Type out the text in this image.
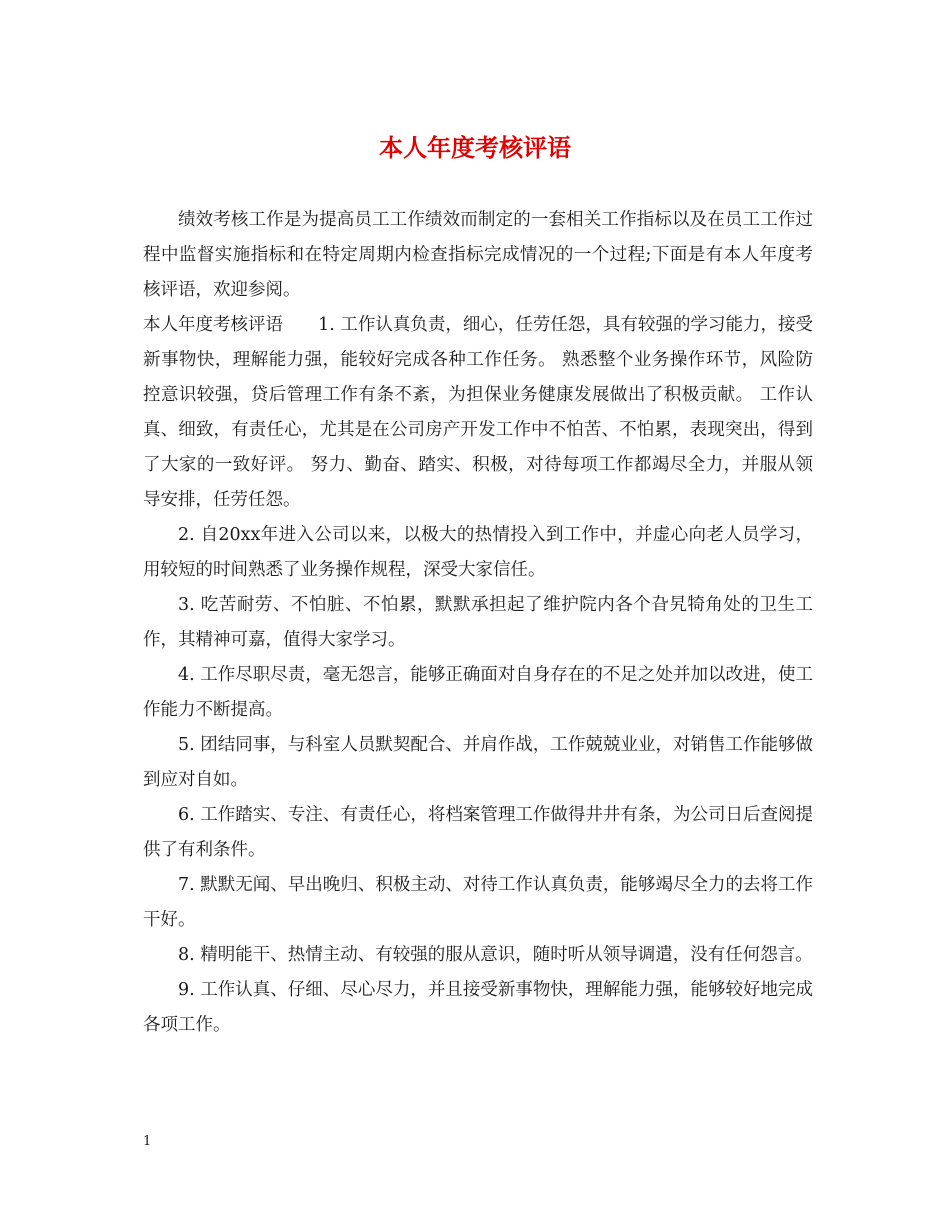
本人年度考核评语

绩效考核工作是为提高员工工作绩效而制定的一套相关工作指标以及在员工工作过程中监督实施指标和在特定周期内检查指标完成情况的一个过程;下面是有本人年度考核评语，欢迎参阅。

本人年度考核评语　　1. 工作认真负责，细心，任劳任怨，具有较强的学习能力，接受新事物快，理解能力强，能较好完成各种工作任务。 熟悉整个业务操作环节，风险防控意识较强，贷后管理工作有条不紊，为担保业务健康发展做出了积极贡献。 工作认真、细致，有责任心，尤其是在公司房产开发工作中不怕苦、不怕累，表现突出，得到了大家的一致好评。 努力、勤奋、踏实、积极，对待每项工作都竭尽全力，并服从领导安排，任劳任怨。

2. 自20xx年进入公司以来，以极大的热情投入到工作中，并虚心向老人员学习，用较短的时间熟悉了业务操作规程，深受大家信任。

3. 吃苦耐劳、不怕脏、不怕累，默默承担起了维护院内各个旮旯犄角处的卫生工作，其精神可嘉，值得大家学习。

4. 工作尽职尽责，毫无怨言，能够正确面对自身存在的不足之处并加以改进，使工作能力不断提高。

5. 团结同事，与科室人员默契配合、并肩作战，工作兢兢业业，对销售工作能够做到应对自如。

6. 工作踏实、专注、有责任心，将档案管理工作做得井井有条，为公司日后查阅提供了有利条件。

7. 默默无闻、早出晚归、积极主动、对待工作认真负责，能够竭尽全力的去将工作干好。

8. 精明能干、热情主动、有较强的服从意识，随时听从领导调遣，没有任何怨言。

9. 工作认真、仔细、尽心尽力，并且接受新事物快，理解能力强，能够较好地完成各项工作。

1
